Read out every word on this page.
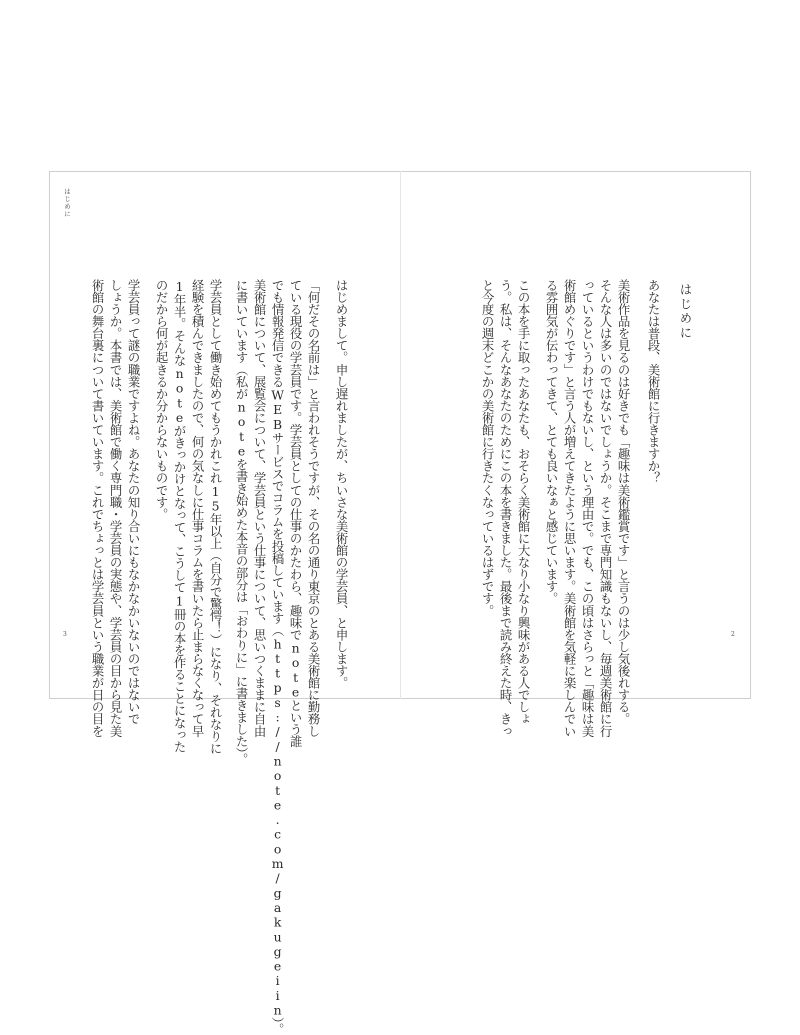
はじめに
はじめに
あなたは普段、美術館に行きますか？
美術作品を見るのは好きでも「趣味は美術鑑賞です」と言うのは少し気後れする。
そんな人は多いのではないでしょうか。そこまで専門知識もないし、毎週美術館に行
っているというわけでもないし、という理由で。でも、この頃はさらっと「趣味は美
術館めぐりです」と言う人が増えてきたように思います。美術館を気軽に楽しんでい
る雰囲気が伝わってきて、とても良いなぁと感じています。
この本を手に取ったあなたも、おそらく美術館に大なり小なり興味がある人でしょ
う。私は、そんなあなたのためにこの本を書きました。最後まで読み終えた時、きっ
と今度の週末どこかの美術館に行きたくなっているはずです。
はじめまして。申し遅れましたが、ちいさな美術館の学芸員、と申します。
「何だその名前は」と言われそうですが、その名の通り東京のとある美術館に勤務し
ている現役の学芸員です。学芸員としての仕事のかたわら、趣味でnoteという誰
でも情報発信できるWEBサービスでコラムを投稿しています（https://note.com/gakugeiin）。
美術館について、展覧会について、学芸員という仕事について、思いつくままに自由
に書いています（私がnoteを書き始めた本音の部分は「おわりに」に書きました）。
学芸員として働き始めてもうかれこれ15年以上（自分で驚愕！）になり、それなりに
経験を積んできましたので、何の気なしに仕事コラムを書いたら止まらなくなって早
1年半。そんなnoteがきっかけとなって、こうして1冊の本を作ることになった
のだから何が起きるか分からないものです。
学芸員って謎の職業ですよね。あなたの知り合いにもなかなかいないのではないで
しょうか。本書では、美術館で働く専門職・学芸員の実態や、学芸員の目から見た美
術館の舞台裏について書いています。これでちょっとは学芸員という職業が日の目を
3	2
